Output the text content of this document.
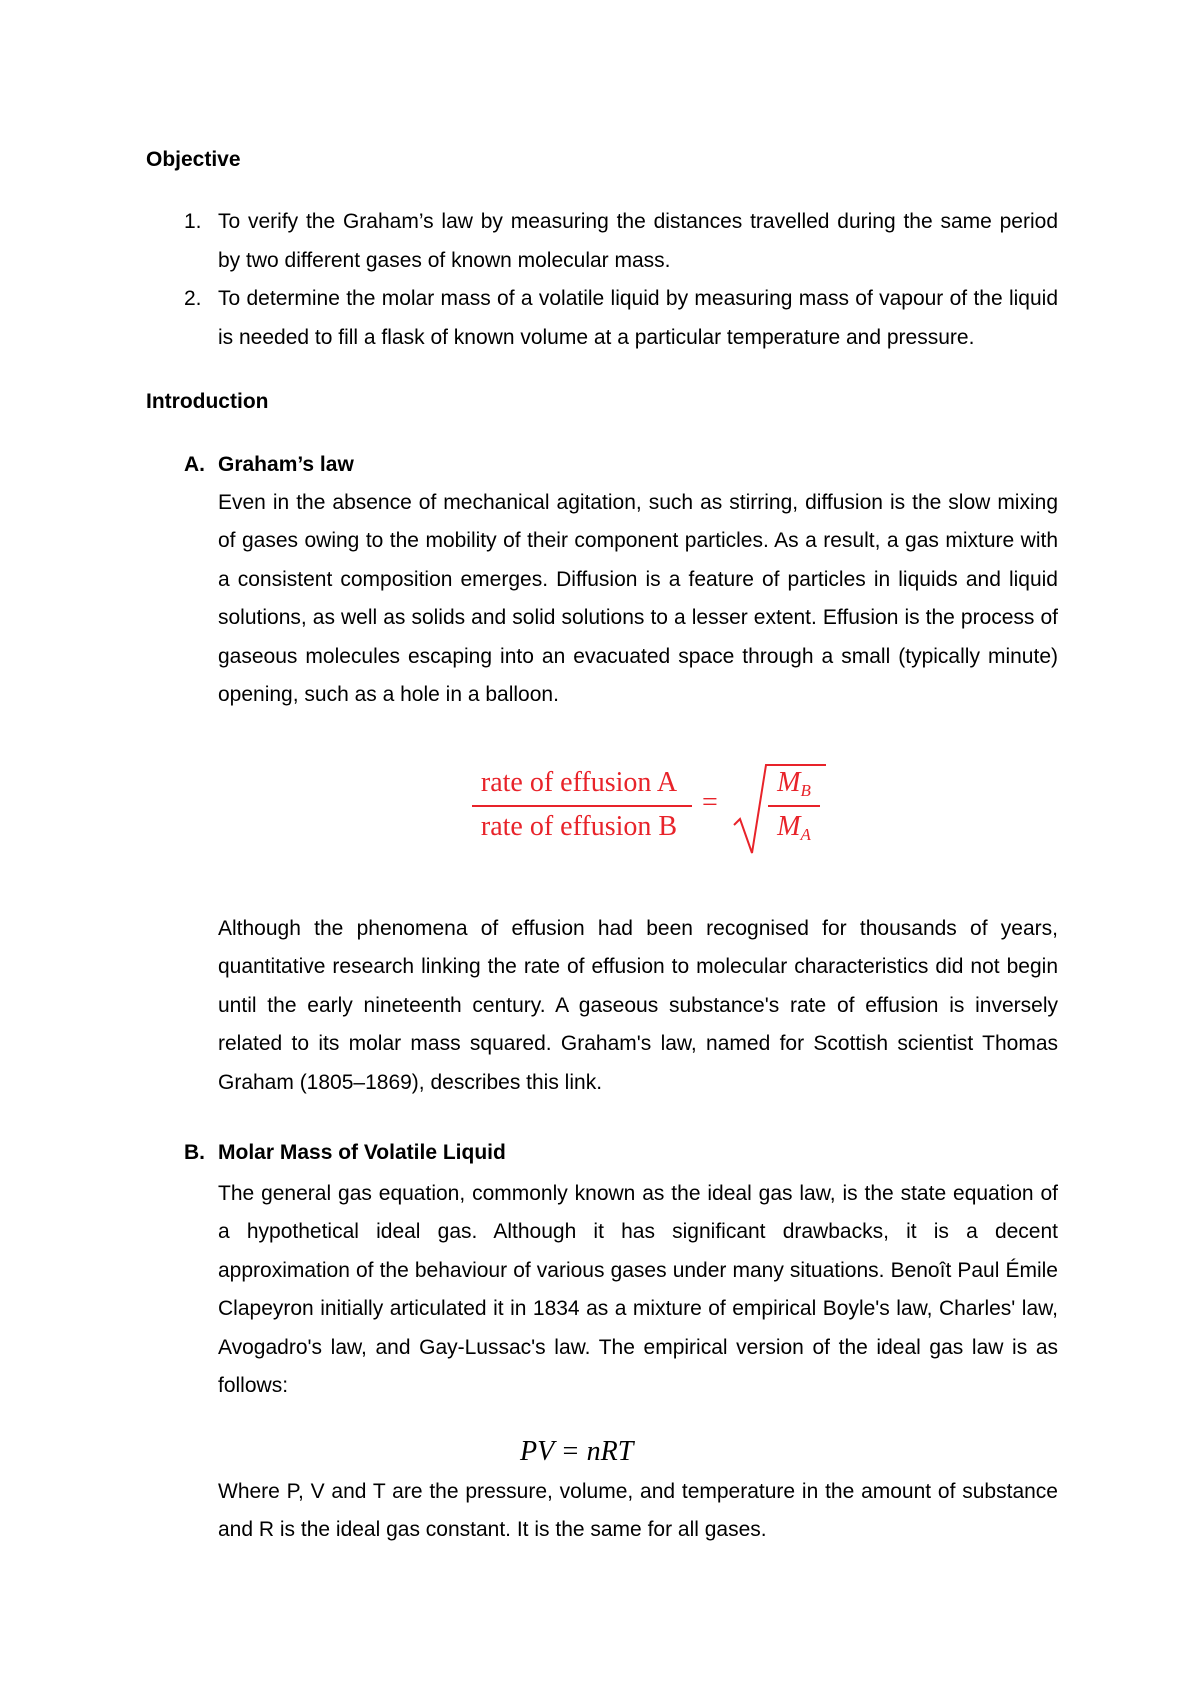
Objective
1. To verify the Graham’s law by measuring the distances travelled during the same period by two different gases of known molecular mass.
2. To determine the molar mass of a volatile liquid by measuring mass of vapour of the liquid is needed to fill a flask of known volume at a particular temperature and pressure.
Introduction
A. Graham’s law

Even in the absence of mechanical agitation, such as stirring, diffusion is the slow mixing of gases owing to the mobility of their component particles. As a result, a gas mixture with a consistent composition emerges. Diffusion is a feature of particles in liquids and liquid solutions, as well as solids and solid solutions to a lesser extent. Effusion is the process of gaseous molecules escaping into an evacuated space through a small (typically minute) opening, such as a hole in a balloon.

rate of effusion A
rate of effusion B
=
MB
MA

Although the phenomena of effusion had been recognised for thousands of years, quantitative research linking the rate of effusion to molecular characteristics did not begin until the early nineteenth century. A gaseous substance's rate of effusion is inversely related to its molar mass squared. Graham's law, named for Scottish scientist Thomas Graham (1805–1869), describes this link.

B. Molar Mass of Volatile Liquid

The general gas equation, commonly known as the ideal gas law, is the state equation of a hypothetical ideal gas. Although it has significant drawbacks, it is a decent approximation of the behaviour of various gases under many situations. Benoît Paul Émile Clapeyron initially articulated it in 1834 as a mixture of empirical Boyle's law, Charles' law, Avogadro's law, and Gay-Lussac's law. The empirical version of the ideal gas law is as follows:

PV = nRT

Where P, V and T are the pressure, volume, and temperature in the amount of substance and R is the ideal gas constant. It is the same for all gases.
